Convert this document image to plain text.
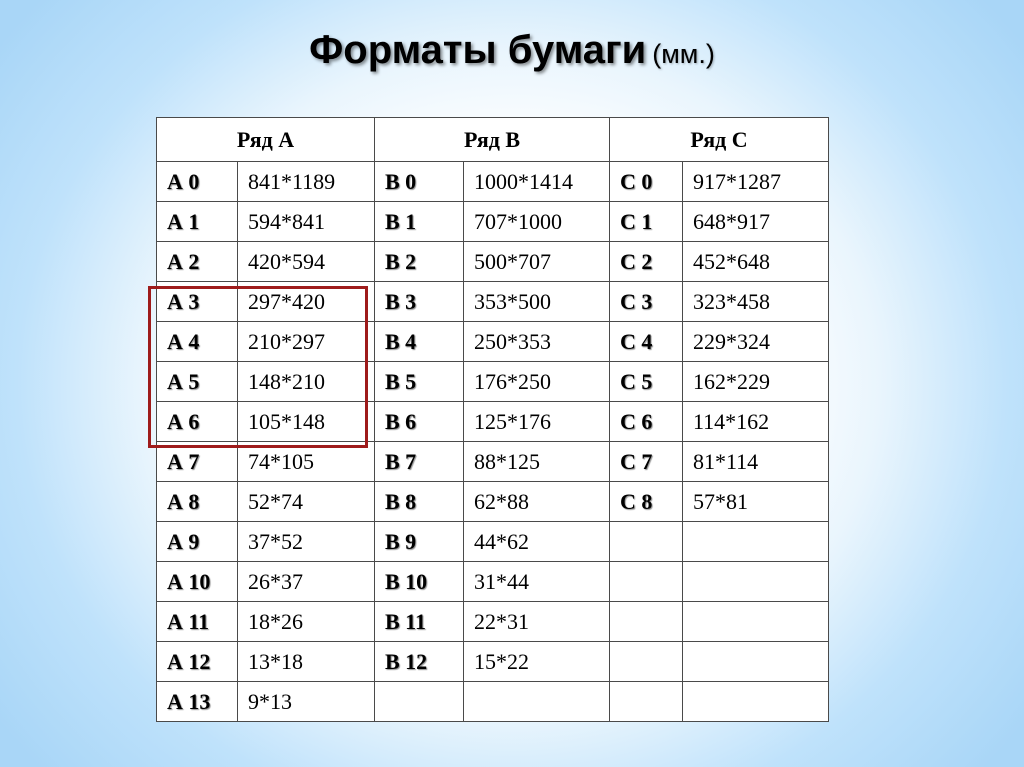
Форматы бумаги (мм.)
Ряд А		Ряд В		Ряд С	
А 0	841*1189	В 0	1000*1414	С 0	917*1287
А 1	594*841	В 1	707*1000	С 1	648*917
А 2	420*594	В 2	500*707	С 2	452*648
А 3	297*420	В 3	353*500	С 3	323*458
А 4	210*297	В 4	250*353	С 4	229*324
А 5	148*210	В 5	176*250	С 5	162*229
А 6	105*148	В 6	125*176	С 6	114*162
А 7	74*105	В 7	88*125	С 7	81*114
А 8	52*74	В 8	62*88	С 8	57*81
А 9	37*52	В 9	44*62		
А 10	26*37	В 10	31*44		
А 11	18*26	В 11	22*31		
А 12	13*18	В 12	15*22		
А 13	9*13				
